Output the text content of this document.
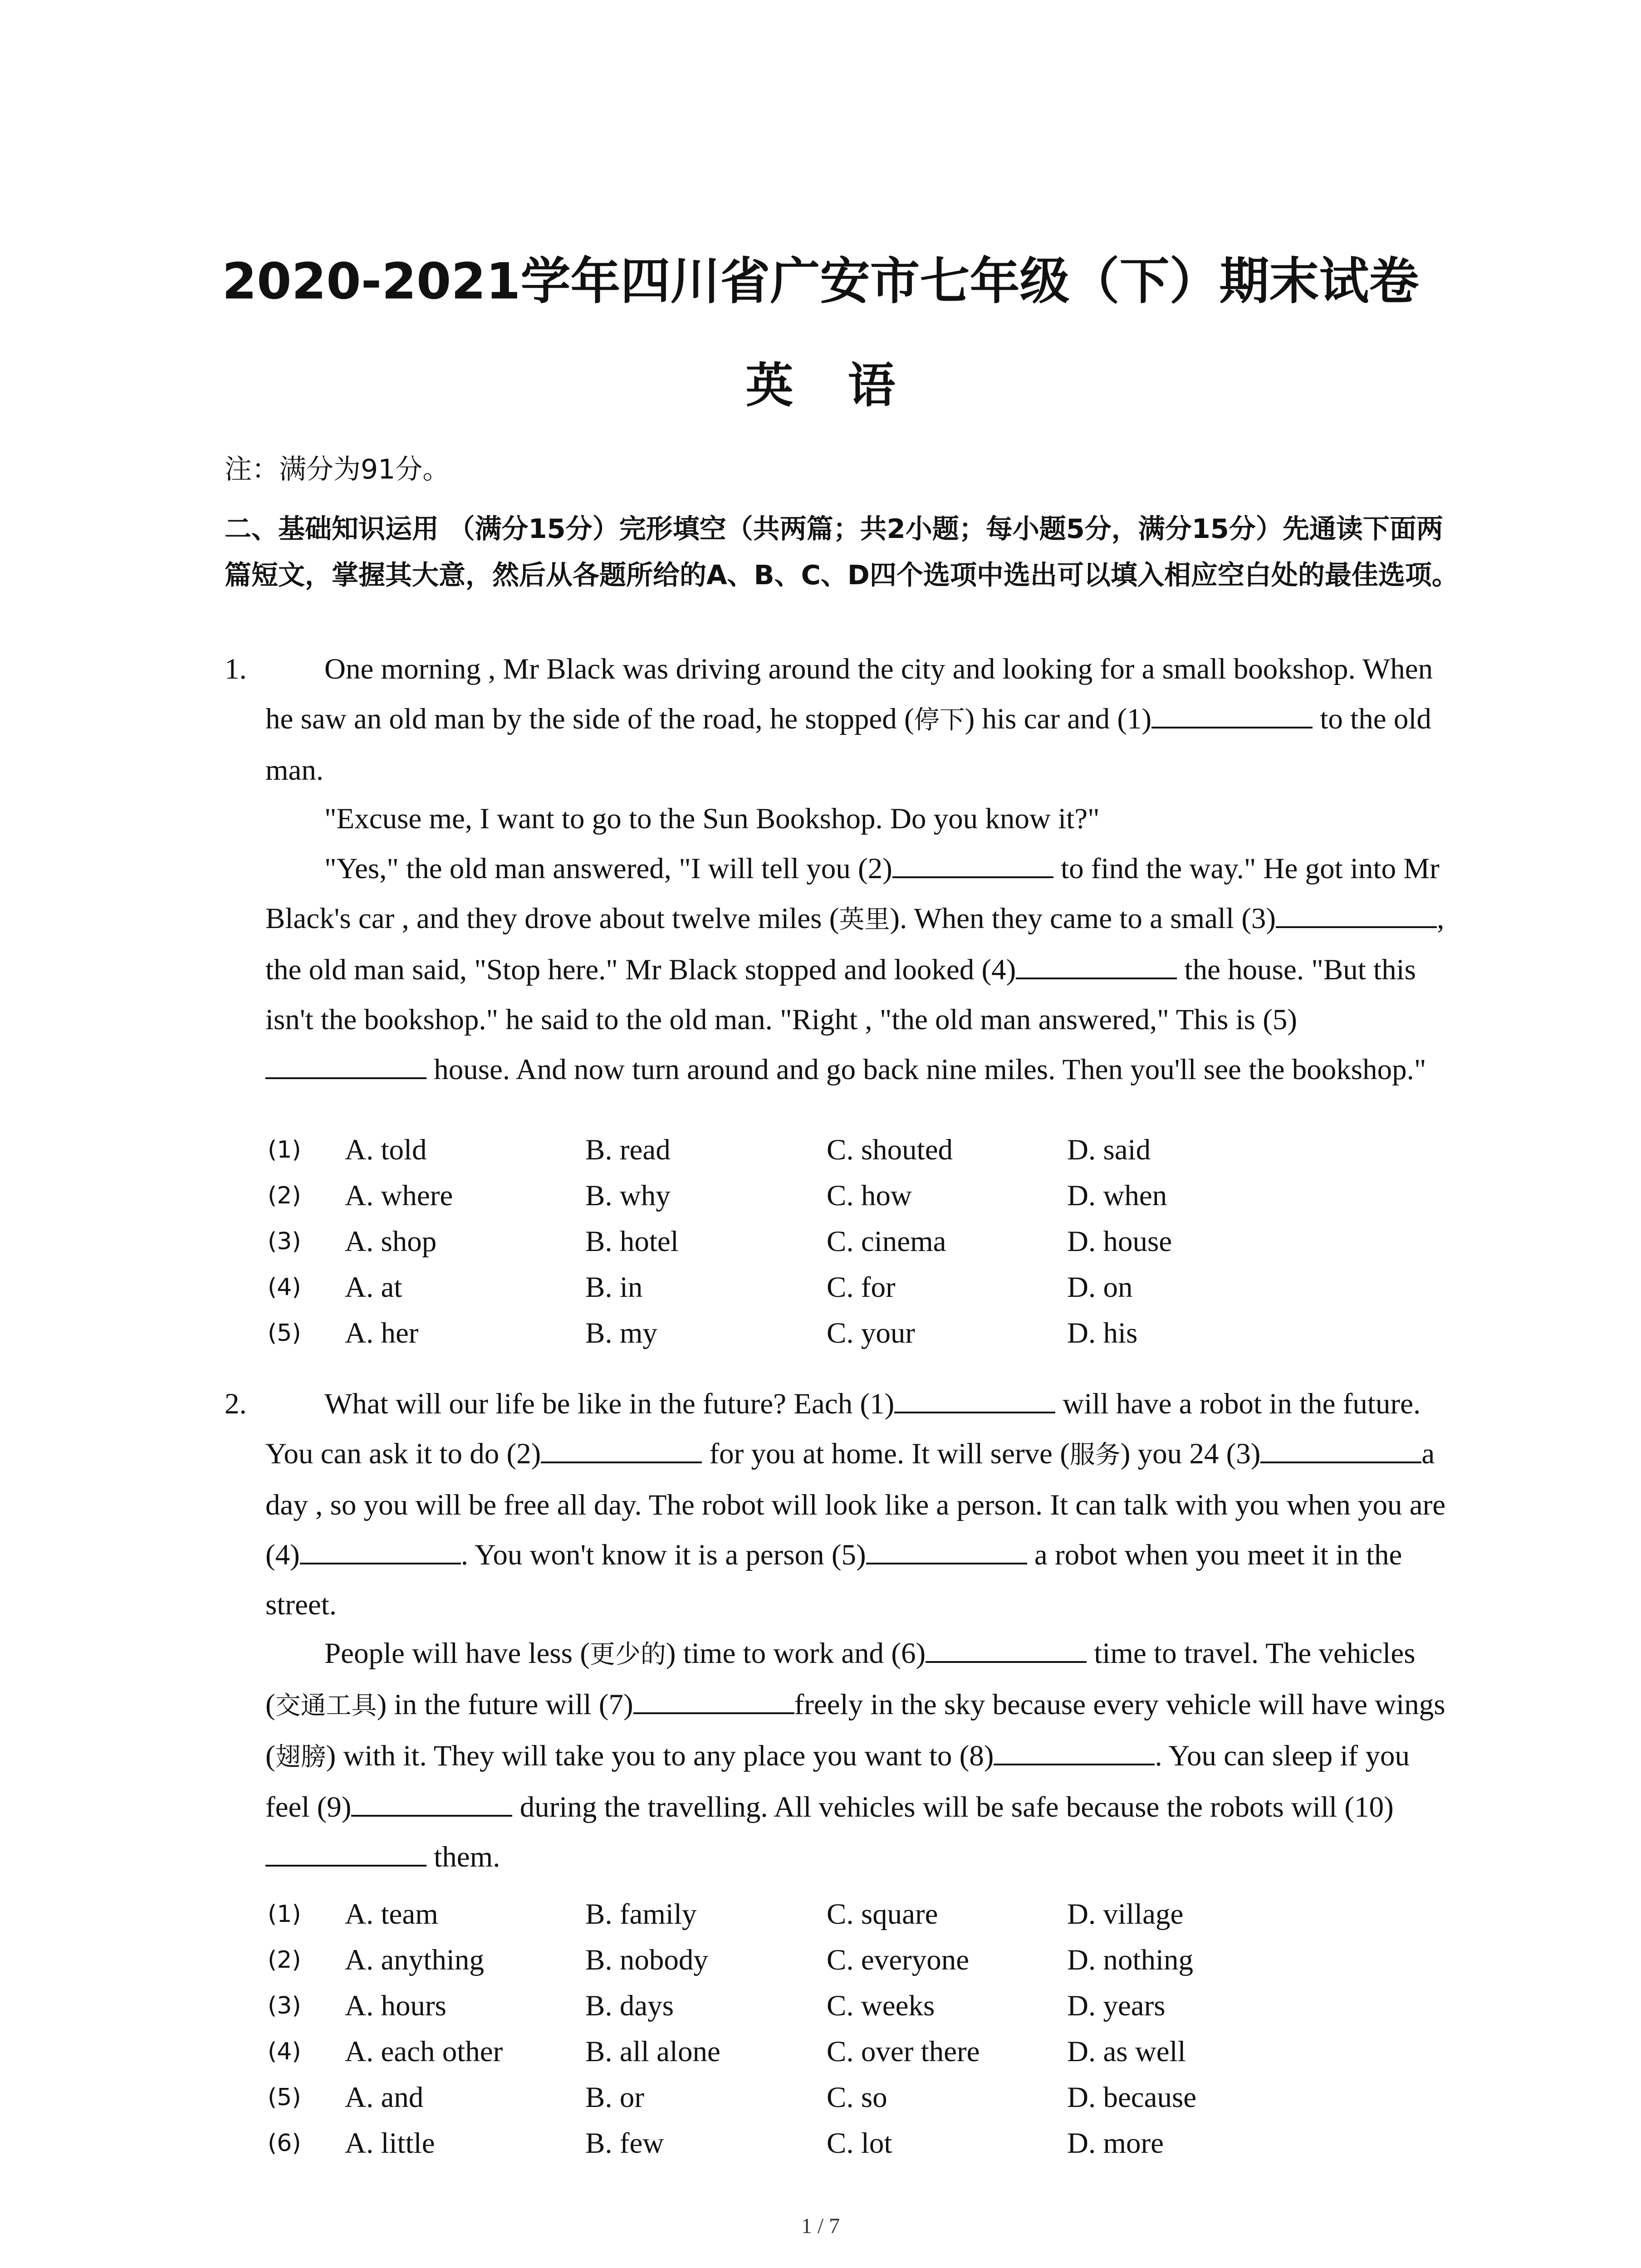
2020-2021学年四川省广安市七年级（下）期末试卷
英语
注：满分为91分。
二、基础知识运用 （满分15分）完形填空（共两篇；共2小题；每小题5分，满分15分）先通读下面两篇短文，掌握其大意，然后从各题所给的A、B、C、D四个选项中选出可以填入相应空白处的最佳选项。
1.	One morning , Mr Black was driving around the city and looking for a small bookshop. When he saw an old man by the side of the road, he stopped (停下) his car and (1)	to the old man.
"Excuse me, I want to go to the Sun Bookshop. Do you know it?"
"Yes," the old man answered, "I will tell you (2)	to find the way." He got into Mr Black's car , and they drove about twelve miles (英里). When they came to a small (3)	, the old man said, "Stop here." Mr Black stopped and looked (4)	the house. "But this isn't the bookshop." he said to the old man. "Right , "the old man answered," This is (5) house. And now turn around and go back nine miles. Then you'll see the bookshop."
(1) A. told	B. read	C. shouted	D. said
(2) A. where	B. why	C. how	D. when
(3) A. shop	B. hotel	C. cinema	D. house
(4) A. at	B. in	C. for	D. on
(5) A. her	B. my	C. your	D. his
2.	What will our life be like in the future? Each (1)	will have a robot in the future. You can ask it to do (2)	for you at home. It will serve (服务) you 24 (3)	a day , so you will be free all day. The robot will look like a person. It can talk with you when you are (4)	. You won't know it is a person (5)	a robot when you meet it in the street.
People will have less (更少的) time to work and (6)	time to travel. The vehicles (交通工具) in the future will (7)	freely in the sky because every vehicle will have wings (翅膀) with it. They will take you to any place you want to (8)	. You can sleep if you feel (9)	during the travelling. All vehicles will be safe because the robots will (10) them.
(1) A. team	B. family	C. square	D. village
(2) A. anything	B. nobody	C. everyone	D. nothing
(3) A. hours	B. days	C. weeks	D. years
(4) A. each other	B. all alone	C. over there	D. as well
(5) A. and	B. or	C. so	D. because
(6) A. little	B. few	C. lot	D. more
1 / 7
